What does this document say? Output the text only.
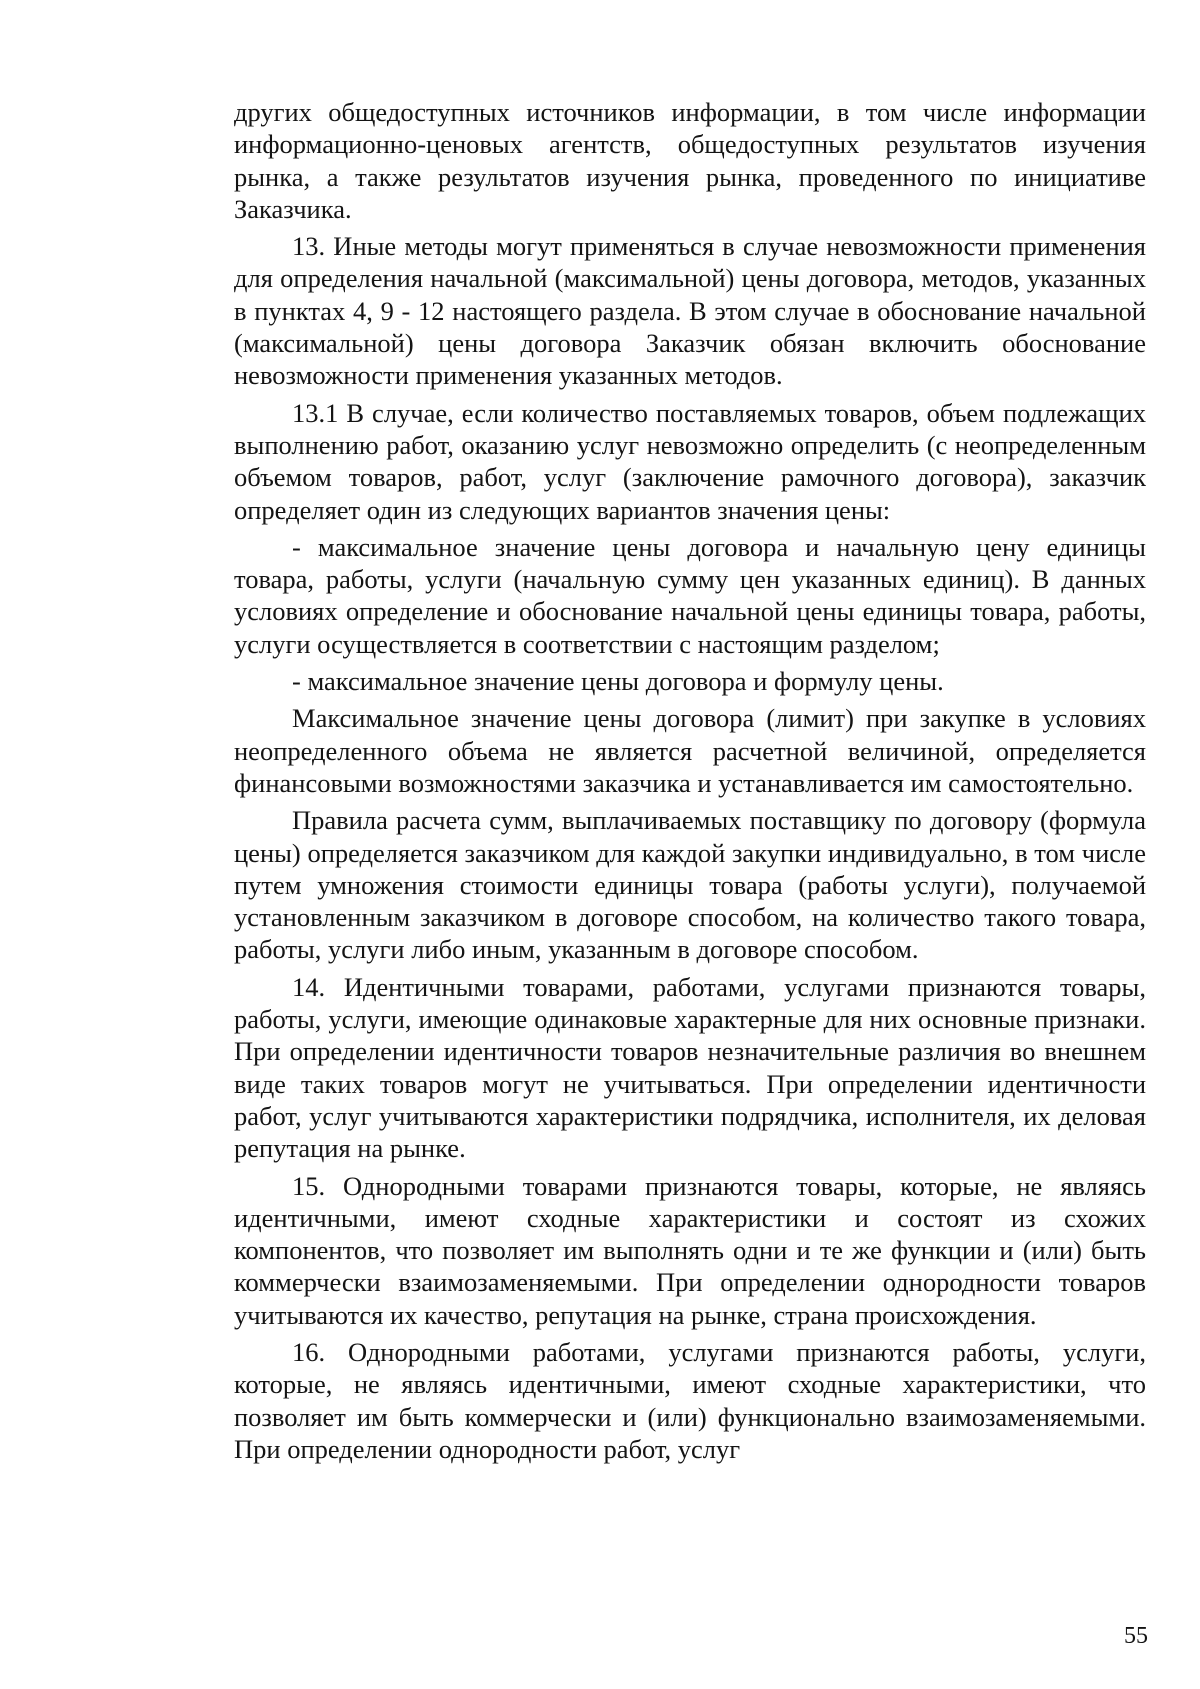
других общедоступных источников информации, в том числе информации информационно-ценовых агентств, общедоступных результатов изучения рынка, а также результатов изучения рынка, проведенного по инициативе Заказчика.

13. Иные методы могут применяться в случае невозможности применения для определения начальной (максимальной) цены договора, методов, указанных в пунктах 4, 9 - 12 настоящего раздела. В этом случае в обоснование начальной (максимальной) цены договора Заказчик обязан включить обоснование невозможности применения указанных методов.

13.1 В случае, если количество поставляемых товаров, объем подлежащих выполнению работ, оказанию услуг невозможно определить (с неопределенным объемом товаров, работ, услуг (заключение рамочного договора), заказчик определяет один из следующих вариантов значения цены:

- максимальное значение цены договора и начальную цену единицы товара, работы, услуги (начальную сумму цен указанных единиц). В данных условиях определение и обоснование начальной цены единицы товара, работы, услуги осуществляется в соответствии с настоящим разделом;

- максимальное значение цены договора и формулу цены.

Максимальное значение цены договора (лимит) при закупке в условиях неопределенного объема не является расчетной величиной, определяется финансовыми возможностями заказчика и устанавливается им самостоятельно.

Правила расчета сумм, выплачиваемых поставщику по договору (формула цены) определяется заказчиком для каждой закупки индивидуально, в том числе путем умножения стоимости единицы товара (работы услуги), получаемой установленным заказчиком в договоре способом, на количество такого товара, работы, услуги либо иным, указанным в договоре способом.

14. Идентичными товарами, работами, услугами признаются товары, работы, услуги, имеющие одинаковые характерные для них основные признаки. При определении идентичности товаров незначительные различия во внешнем виде таких товаров могут не учитываться. При определении идентичности работ, услуг учитываются характеристики подрядчика, исполнителя, их деловая репутация на рынке.

15. Однородными товарами признаются товары, которые, не являясь идентичными, имеют сходные характеристики и состоят из схожих компонентов, что позволяет им выполнять одни и те же функции и (или) быть коммерчески взаимозаменяемыми. При определении однородности товаров учитываются их качество, репутация на рынке, страна происхождения.

16. Однородными работами, услугами признаются работы, услуги, которые, не являясь идентичными, имеют сходные характеристики, что позволяет им быть коммерчески и (или) функционально взаимозаменяемыми. При определении однородности работ, услуг

55
